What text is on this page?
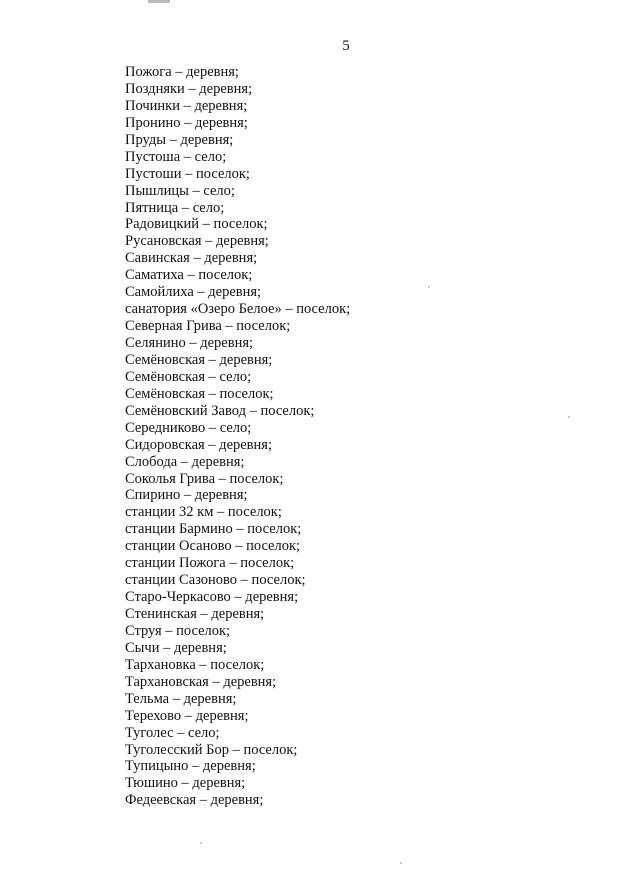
5
Пожога – деревня;
Поздняки – деревня;
Починки – деревня;
Пронино – деревня;
Пруды – деревня;
Пустоша – село;
Пустоши – поселок;
Пышлицы – село;
Пятница – село;
Радовицкий – поселок;
Русановская – деревня;
Савинская – деревня;
Саматиха – поселок;
Самойлиха – деревня;
санатория «Озеро Белое» – поселок;
Северная Грива – поселок;
Селянино – деревня;
Семёновская – деревня;
Семёновская – село;
Семёновская – поселок;
Семёновский Завод – поселок;
Середниково – село;
Сидоровская – деревня;
Слобода – деревня;
Соколья Грива – поселок;
Спирино – деревня;
станции 32 км – поселок;
станции Бармино – поселок;
станции Осаново – поселок;
станции Пожога – поселок;
станции Сазоново – поселок;
Старо-Черкасово – деревня;
Стенинская – деревня;
Струя – поселок;
Сычи – деревня;
Тархановка – поселок;
Тархановская – деревня;
Тельма – деревня;
Терехово – деревня;
Туголес – село;
Туголесский Бор – поселок;
Тупицыно – деревня;
Тюшино – деревня;
Федеевская – деревня;
